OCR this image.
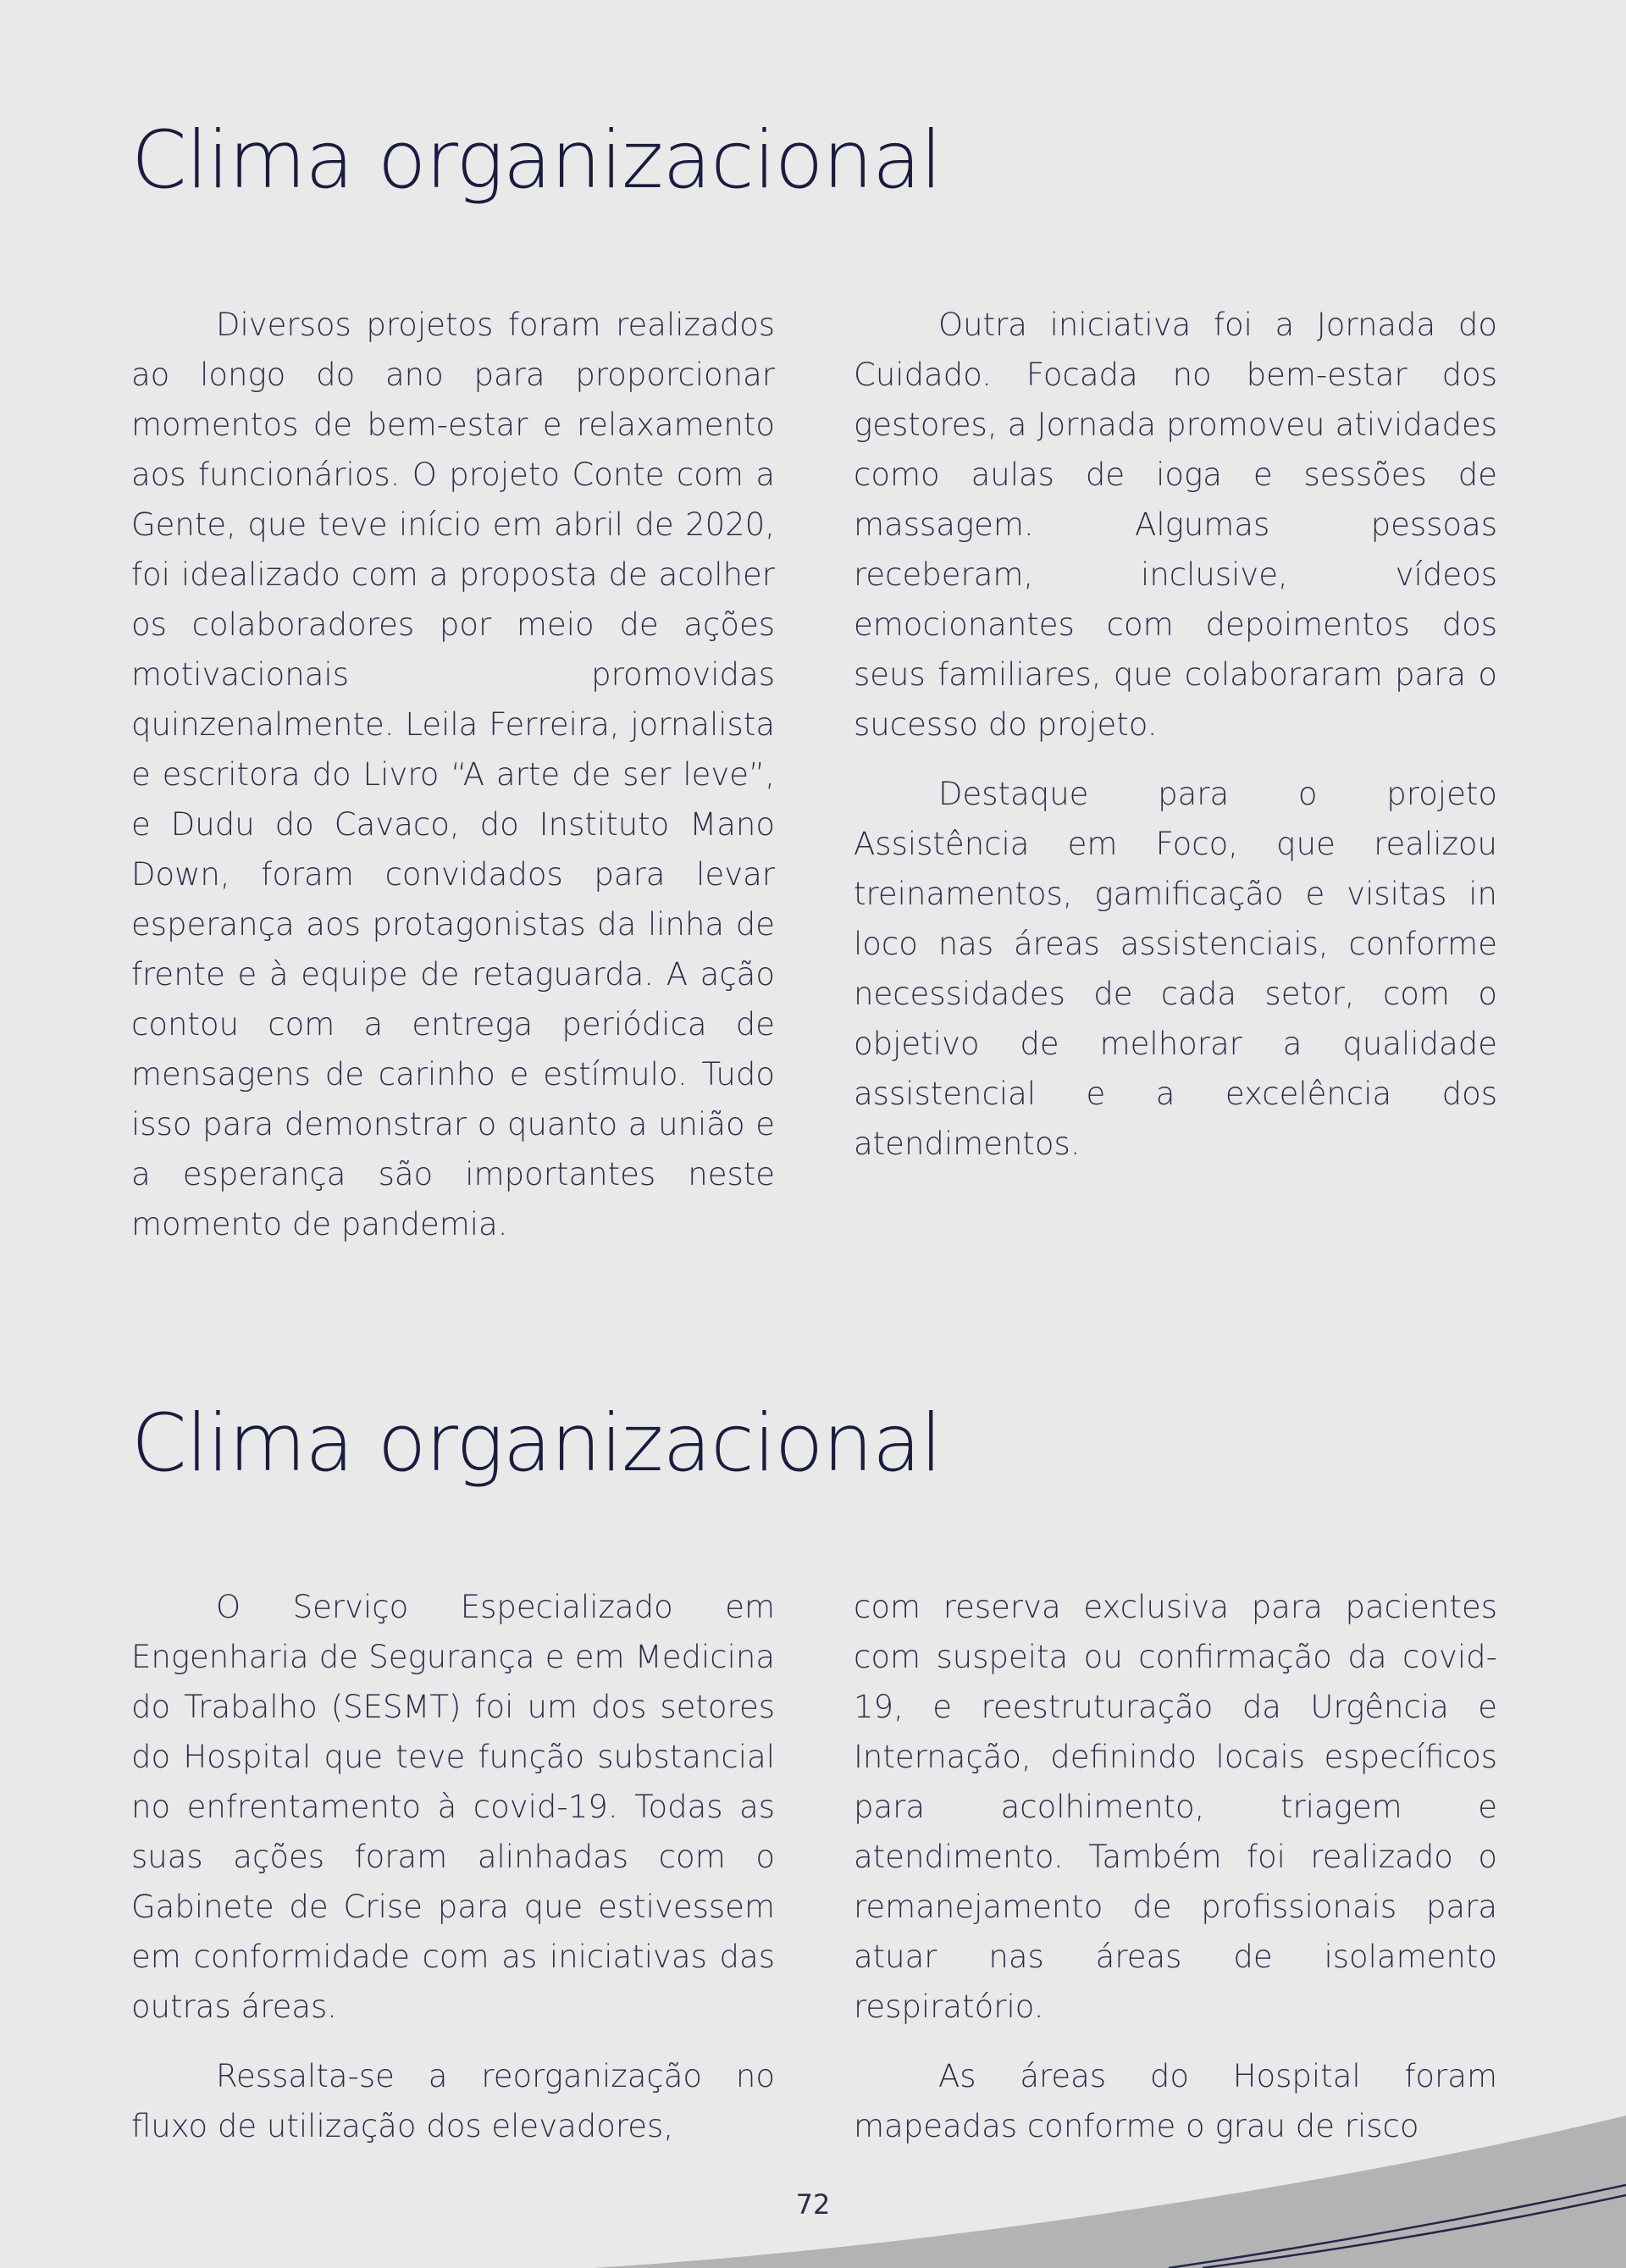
Clima organizacional

Diversos projetos foram realizados ao longo do ano para proporcionar momentos de bem-estar e relaxamento aos funcionários. O projeto Conte com a Gente, que teve início em abril de 2020, foi idealizado com a proposta de acolher os colaboradores por meio de ações motivacionais promovidas quinzenalmente. Leila Ferreira, jornalista e escritora do Livro “A arte de ser leve”, e Dudu do Cavaco, do Instituto Mano Down, foram convidados para levar esperança aos protagonistas da linha de frente e à equipe de retaguarda. A ação contou com a entrega periódica de mensagens de carinho e estímulo. Tudo isso para demonstrar o quanto a união e a esperança são importantes neste momento de pandemia.

Outra iniciativa foi a Jornada do Cuidado. Focada no bem-estar dos gestores, a Jornada promoveu atividades como aulas de ioga e sessões de massagem. Algumas pessoas receberam, inclusive, vídeos emocionantes com depoimentos dos seus familiares, que colaboraram para o sucesso do projeto.

Destaque para o projeto Assistência em Foco, que realizou treinamentos, gamificação e visitas in loco nas áreas assistenciais, conforme necessidades de cada setor, com o objetivo de melhorar a qualidade assistencial e a excelência dos atendimentos.

Clima organizacional

O Serviço Especializado em Engenharia de Segurança e em Medicina do Trabalho (SESMT) foi um dos setores do Hospital que teve função substancial no enfrentamento à covid-19. Todas as suas ações foram alinhadas com o Gabinete de Crise para que estivessem em conformidade com as iniciativas das outras áreas.

Ressalta-se a reorganização no fluxo de utilização dos elevadores,

com reserva exclusiva para pacientes com suspeita ou confirmação da covid-19, e reestruturação da Urgência e Internação, definindo locais específicos para acolhimento, triagem e atendimento. Também foi realizado o remanejamento de profissionais para atuar nas áreas de isolamento respiratório.

As áreas do Hospital foram mapeadas conforme o grau de risco

72
